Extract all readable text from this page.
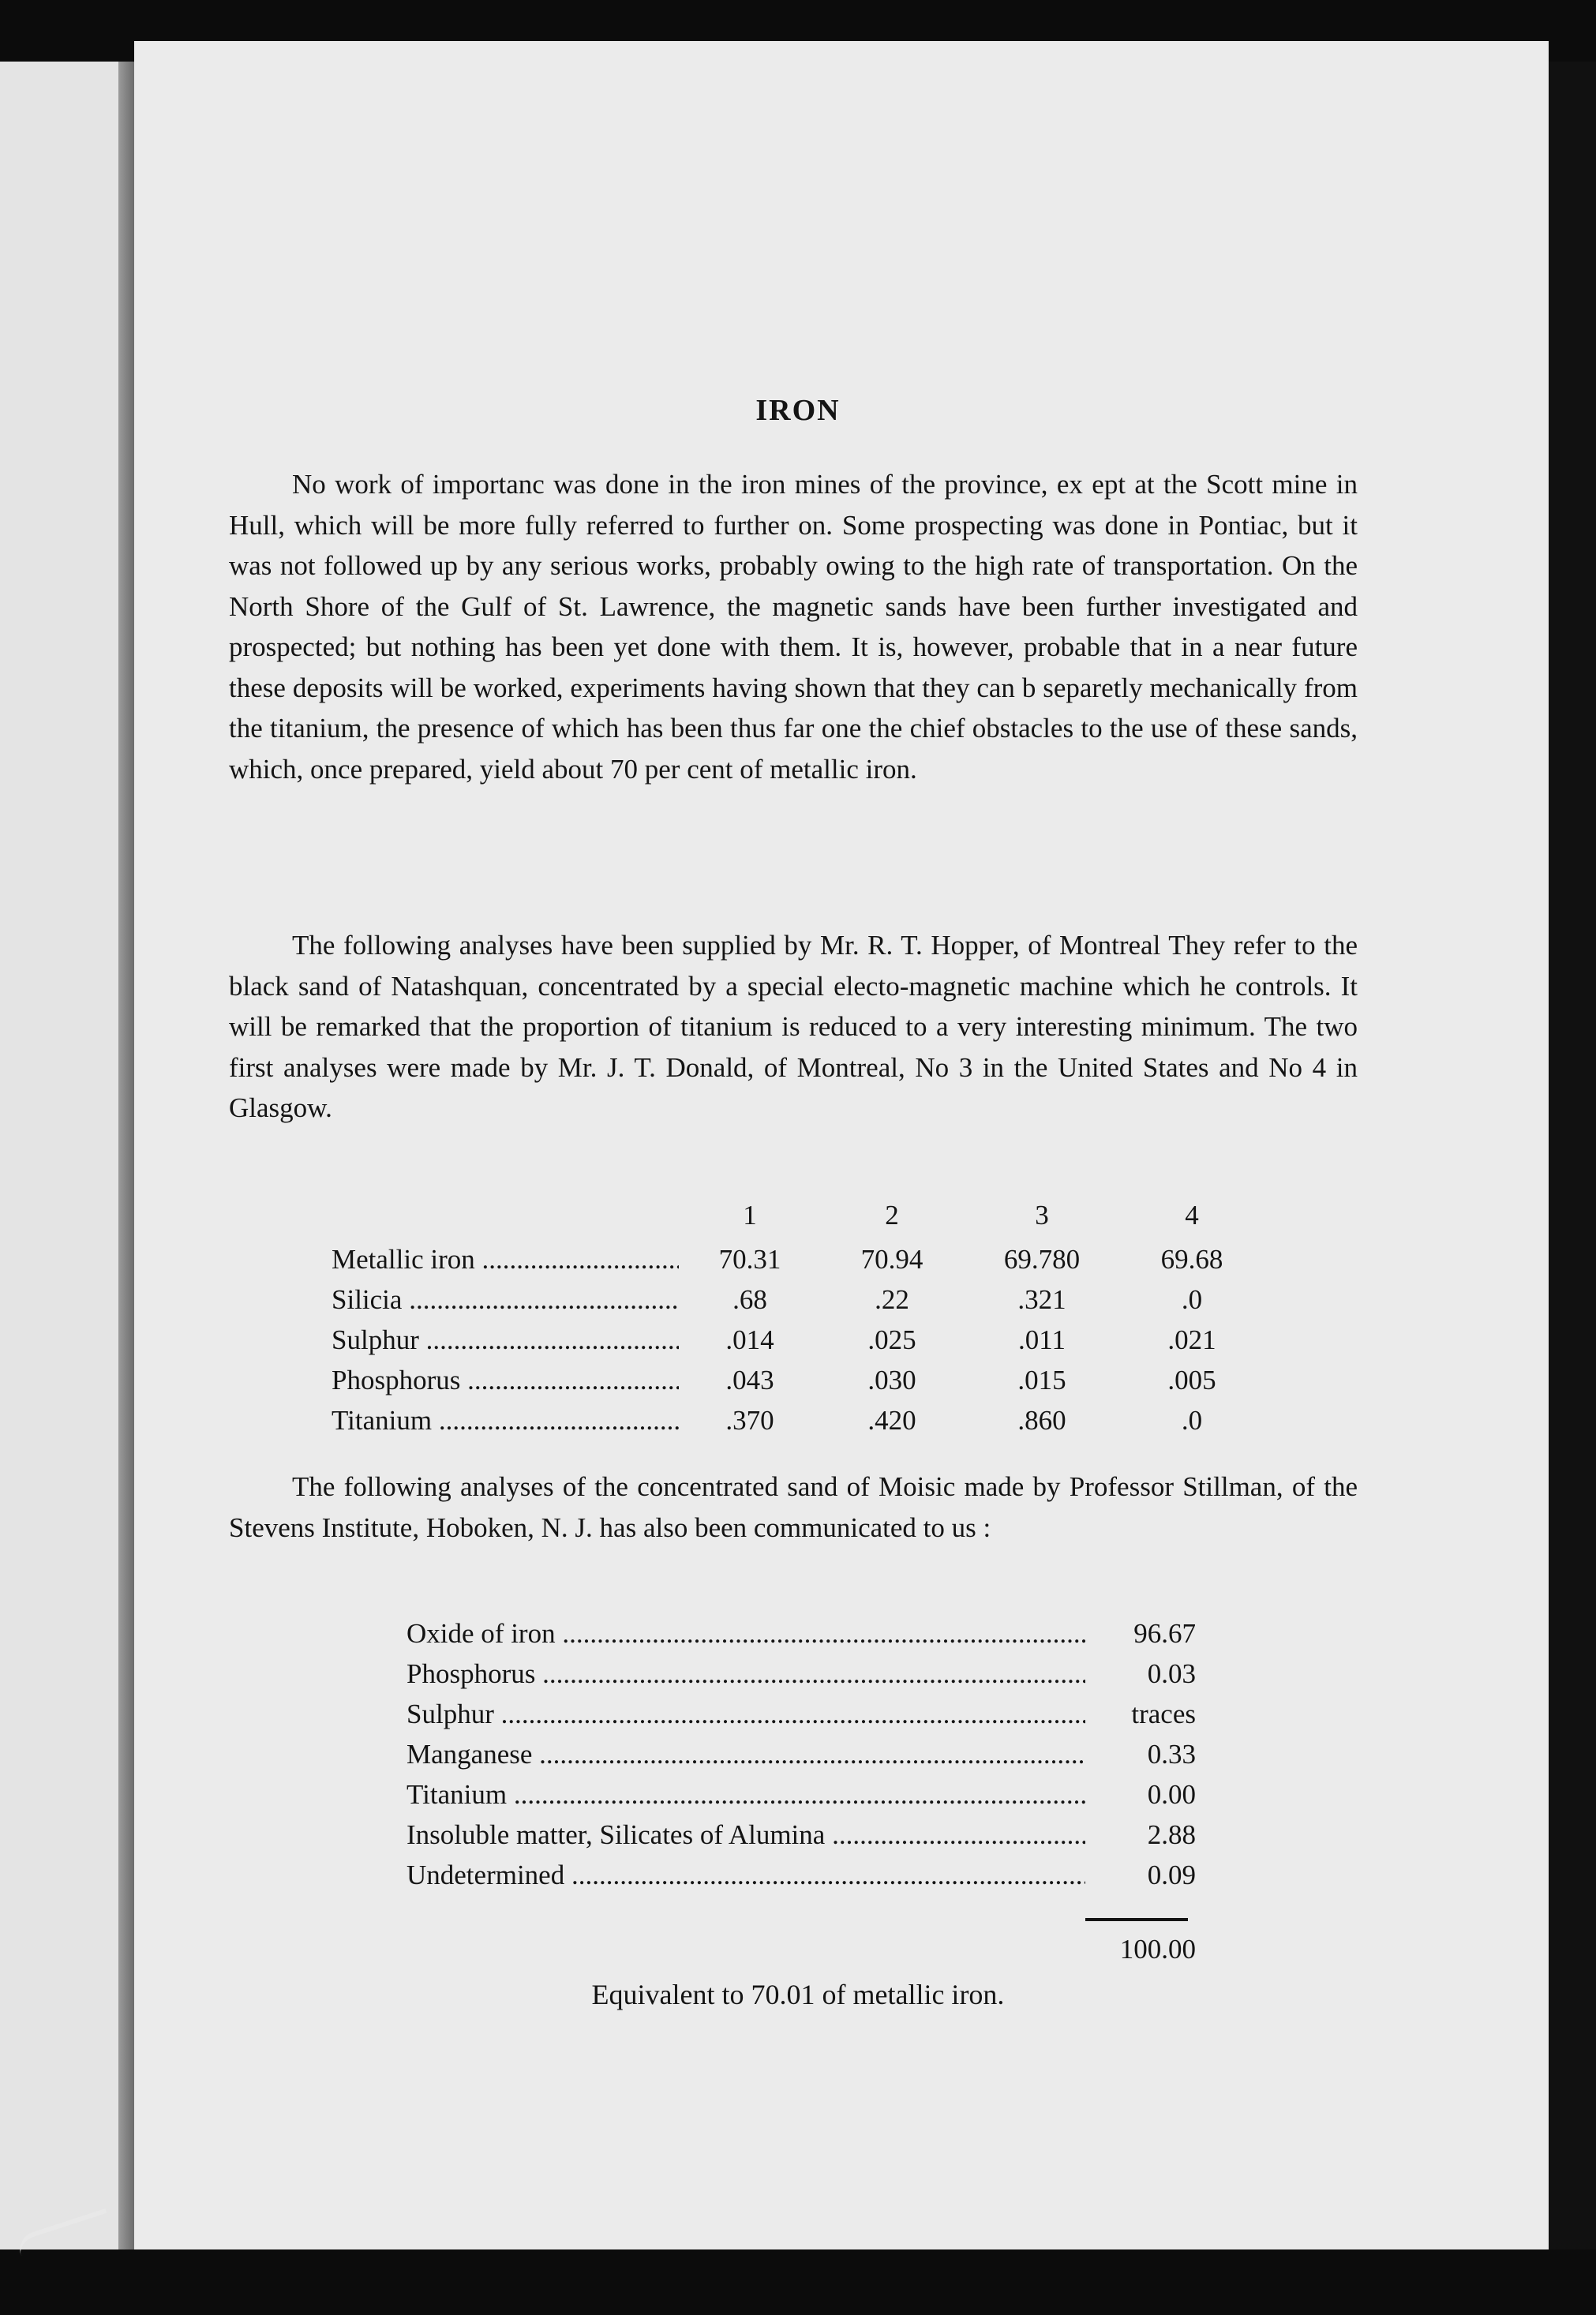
IRON

No work of importanc was done in the iron mines of the province, ex ept at the Scott mine in Hull, which will be more fully referred to further on. Some prospecting was done in Pontiac, but it was not followed up by any serious works, probably owing to the high rate of transportation. On the North Shore of the Gulf of St. Lawrence, the magnetic sands have been further investigated and prospected; but nothing has been yet done with them. It is, however, probable that in a near future these deposits will be worked, experiments having shown that they can b separetly mechanically from the titanium, the presence of which has been thus far one the chief obstacles to the use of these sands, which, once prepared, yield about 70 per cent of metallic iron.

The following analyses have been supplied by Mr. R. T. Hopper, of Montreal They refer to the black sand of Natashquan, concentrated by a special electo-magnetic machine which he controls. It will be remarked that the proportion of titanium is reduced to a very interesting minimum. The two first analyses were made by Mr. J. T. Donald, of Montreal, No 3 in the United States and No 4 in Glasgow.

1	2	3	4
Metallic iron .....	70.31	70.94	69.780	69.68
Silicia .....	.68	.22	.321	.0
Sulphur .....	.014	.025	.011	.021
Phosphorus .....	.043	.030	.015	.005
Titanium .....	.370	.420	.860	.0

The following analyses of the concentrated sand of Moisic made by Professor Stillman, of the Stevens Institute, Hoboken, N. J. has also been communicated to us :

Oxide of iron .....	96.67
Phosphorus .....	0.03
Sulphur .....	traces
Manganese .....	0.33
Titanium .....	0.00
Insoluble matter, Silicates of Alumina .....	2.88
Undetermined .....	0.09
100.00
Equivalent to 70.01 of metallic iron.
